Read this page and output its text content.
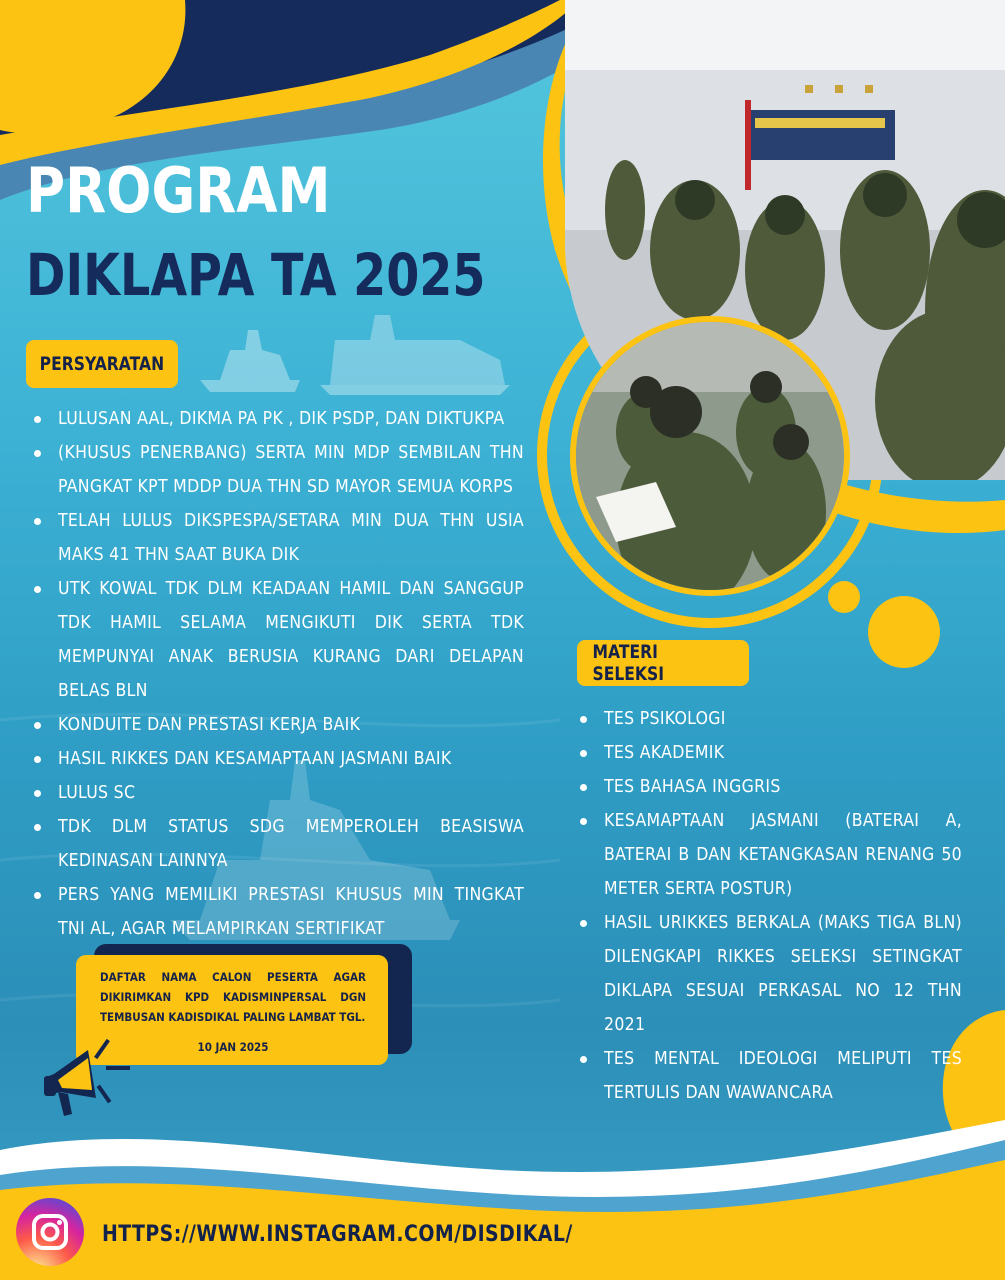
PROGRAM
DIKLAPA TA 2025
PERSYARATAN
LULUSAN AAL, DIKMA PA PK , DIK PSDP, DAN DIKTUKPA
(KHUSUS PENERBANG) SERTA MIN MDP SEMBILAN THN PANGKAT KPT MDDP DUA THN SD MAYOR SEMUA KORPS
TELAH LULUS DIKSPESPA/SETARA MIN DUA THN USIA MAKS 41 THN SAAT BUKA DIK
UTK KOWAL TDK DLM KEADAAN HAMIL DAN SANGGUP TDK HAMIL SELAMA MENGIKUTI DIK SERTA TDK MEMPUNYAI ANAK BERUSIA KURANG DARI DELAPAN BELAS BLN
KONDUITE DAN PRESTASI KERJA BAIK
HASIL RIKKES DAN KESAMAPTAAN JASMANI BAIK
LULUS SC
TDK DLM STATUS SDG MEMPEROLEH BEASISWA KEDINASAN LAINNYA
PERS YANG MEMILIKI PRESTASI KHUSUS MIN TINGKAT TNI AL, AGAR MELAMPIRKAN SERTIFIKAT
MATERI SELEKSI
TES PSIKOLOGI
TES AKADEMIK
TES BAHASA INGGRIS
KESAMAPTAAN JASMANI (BATERAI A, BATERAI B DAN KETANGKASAN RENANG 50 METER SERTA POSTUR)
HASIL URIKKES BERKALA (MAKS TIGA BLN) DILENGKAPI RIKKES SELEKSI SETINGKAT DIKLAPA SESUAI PERKASAL NO 12 THN 2021
TES MENTAL IDEOLOGI MELIPUTI TES TERTULIS DAN WAWANCARA

DAFTAR NAMA CALON PESERTA AGAR

DIKIRIMKAN KPD KADISMINPERSAL DGN

TEMBUSAN KADISDIKAL PALING LAMBAT TGL.

10 JAN 2025

HTTPS://WWW.INSTAGRAM.COM/DISDIKAL/
